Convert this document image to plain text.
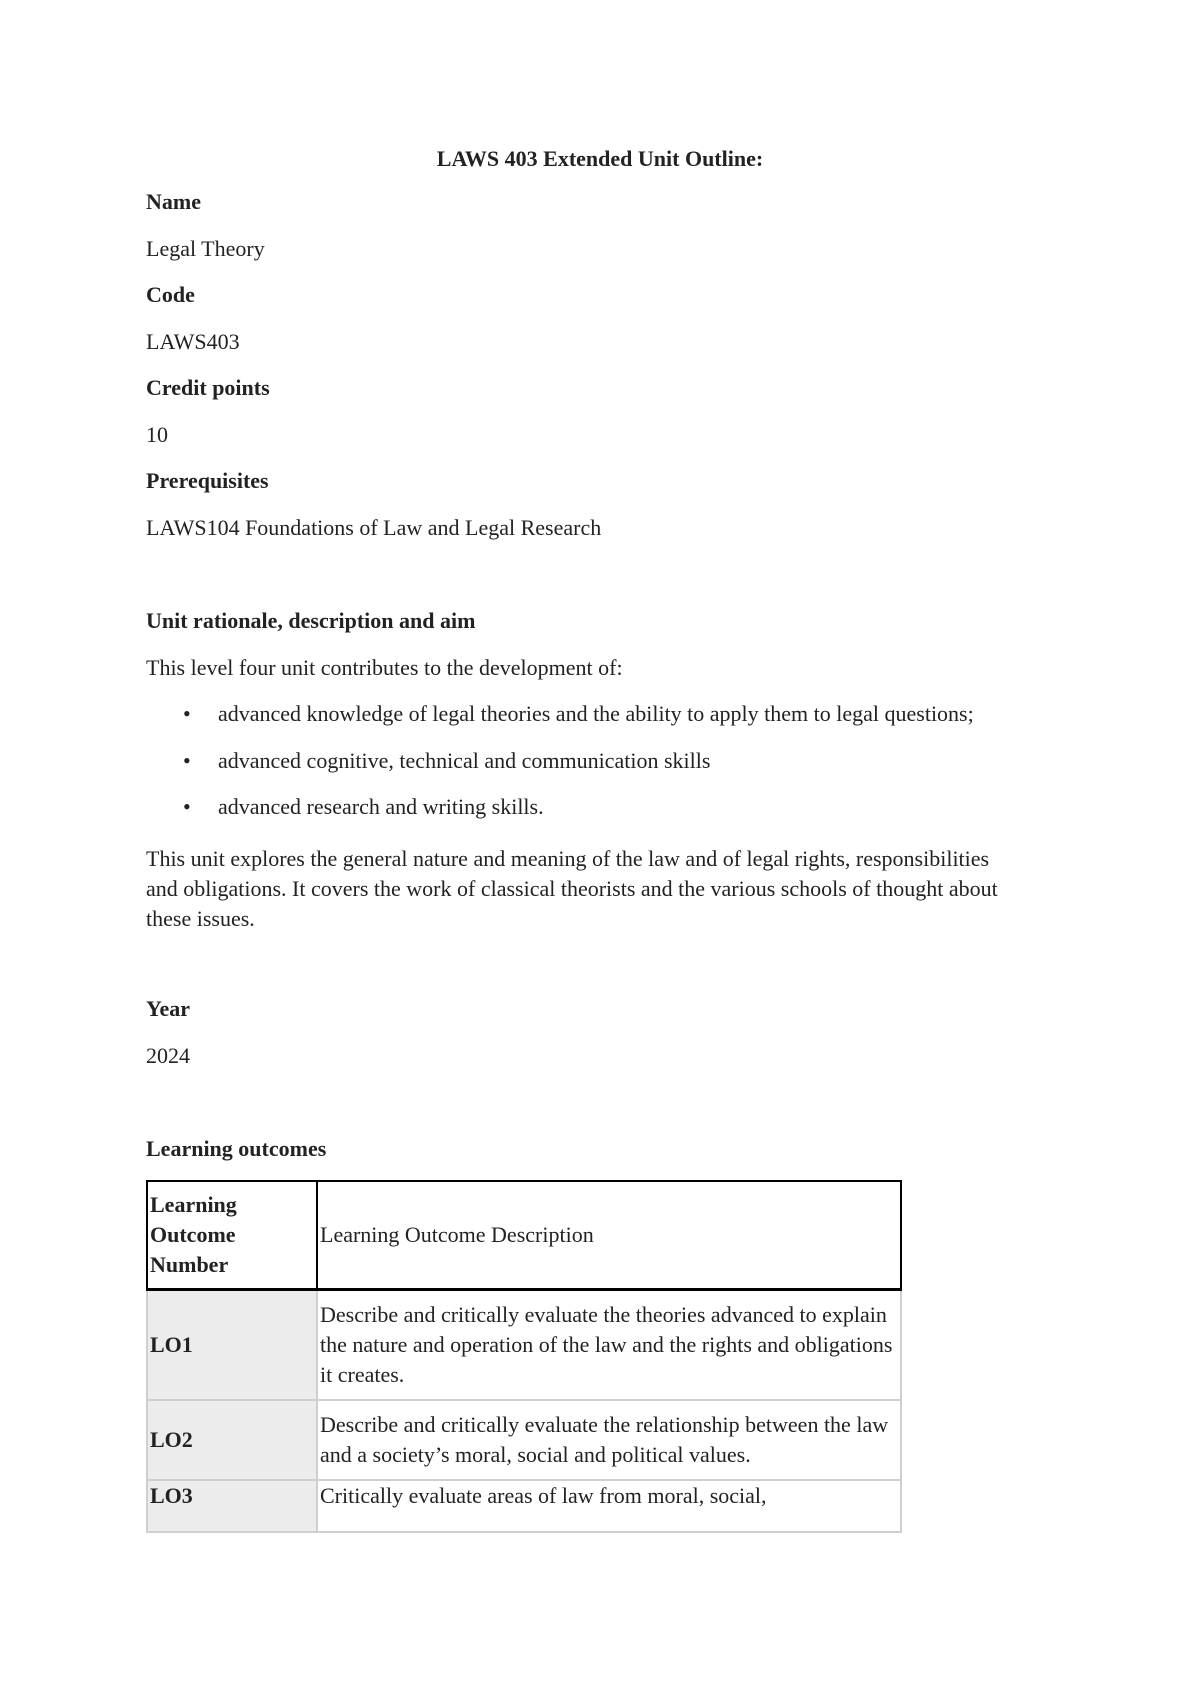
LAWS 403 Extended Unit Outline:
Name
Legal Theory
Code
LAWS403
Credit points
10
Prerequisites
LAWS104 Foundations of Law and Legal Research
Unit rationale, description and aim
This level four unit contributes to the development of:
• advanced knowledge of legal theories and the ability to apply them to legal questions;
• advanced cognitive, technical and communication skills
• advanced research and writing skills.
This unit explores the general nature and meaning of the law and of legal rights, responsibilities and obligations. It covers the work of classical theorists and the various schools of thought about these issues.
Year
2024
Learning outcomes
Learning Outcome Number	Learning Outcome Description
LO1	Describe and critically evaluate the theories advanced to explain the nature and operation of the law and the rights and obligations it creates.
LO2	Describe and critically evaluate the relationship between the law and a society’s moral, social and political values.
LO3	Critically evaluate areas of law from moral, social,
